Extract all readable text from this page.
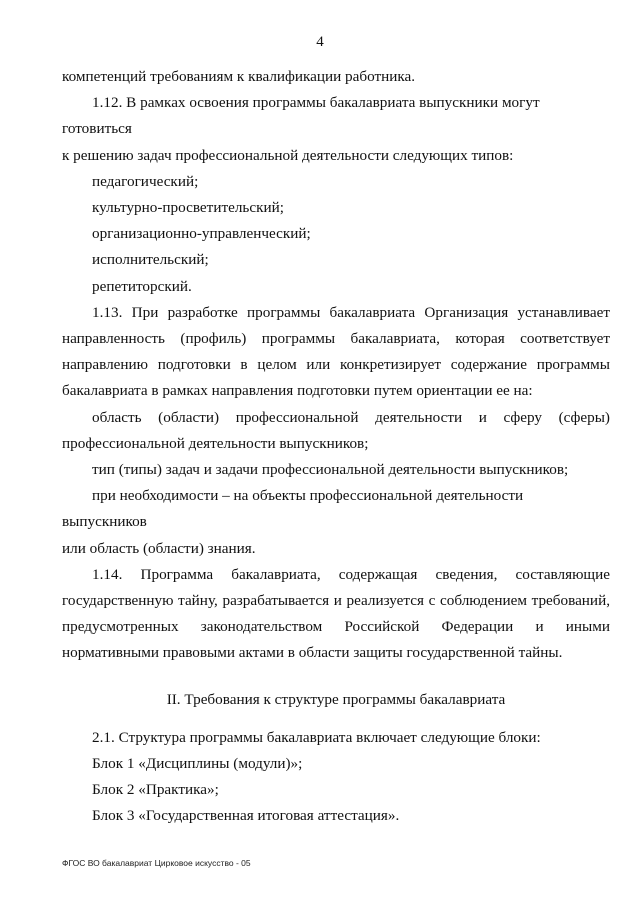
4

компетенций требованиям к квалификации работника.

1.12. В рамках освоения программы бакалавриата выпускники могут готовиться

к решению задач профессиональной деятельности следующих типов:

педагогический;

культурно-просветительский;

организационно-управленческий;

исполнительский;

репетиторский.

1.13. При разработке программы бакалавриата Организация устанавливает

направленность (профиль) программы бакалавриата, которая соответствует

направлению подготовки в целом или конкретизирует содержание программы

бакалавриата в рамках направления подготовки путем ориентации ее на:

область (области) профессиональной деятельности и сферу (сферы)

профессиональной деятельности выпускников;

тип (типы) задач и задачи профессиональной деятельности выпускников;

при необходимости – на объекты профессиональной деятельности выпускников

или область (области) знания.

1.14. Программа бакалавриата, содержащая сведения, составляющие

государственную тайну, разрабатывается и реализуется с соблюдением требований,

предусмотренных законодательством Российской Федерации и иными

нормативными правовыми актами в области защиты государственной тайны.

II. Требования к структуре программы бакалавриата

2.1. Структура программы бакалавриата включает следующие блоки:

Блок 1 «Дисциплины (модули)»;

Блок 2 «Практика»;

Блок 3 «Государственная итоговая аттестация».

ФГОС ВО бакалавриат Цирковое искусство - 05
